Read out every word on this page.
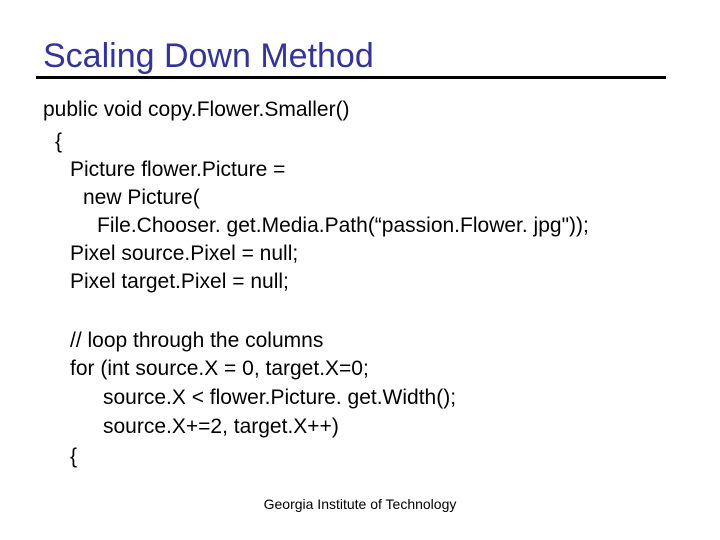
Scaling Down Method
public void copy.Flower.Smaller()
{
Picture flower.Picture =
new Picture(
File.Chooser. get.Media.Path(“passion.Flower. jpg"));
Pixel source.Pixel = null;
Pixel target.Pixel = null;
// loop through the columns
for (int source.X = 0, target.X=0;
source.X < flower.Picture. get.Width();
source.X+=2, target.X++)
{
Georgia Institute of Technology
